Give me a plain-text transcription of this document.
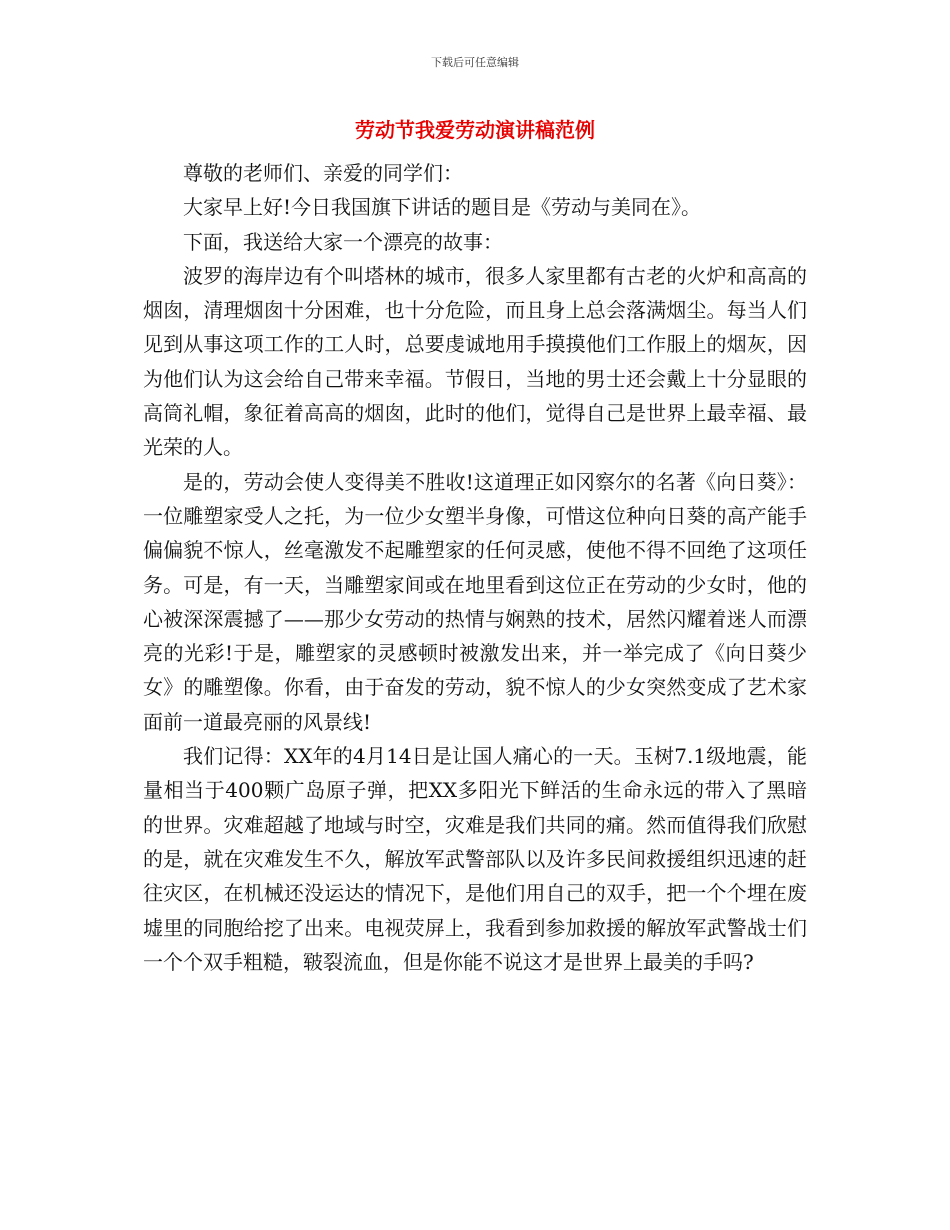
下载后可任意编辑
劳动节我爱劳动演讲稿范例

尊敬的老师们、亲爱的同学们：

大家早上好!今日我国旗下讲话的题目是《劳动与美同在》。

下面，我送给大家一个漂亮的故事：

波罗的海岸边有个叫塔林的城市，很多人家里都有古老的火炉和高高的烟囱，清理烟囱十分困难，也十分危险，而且身上总会落满烟尘。每当人们见到从事这项工作的工人时，总要虔诚地用手摸摸他们工作服上的烟灰，因为他们认为这会给自己带来幸福。节假日，当地的男士还会戴上十分显眼的高筒礼帽，象征着高高的烟囱，此时的他们，觉得自己是世界上最幸福、最光荣的人。

是的，劳动会使人变得美不胜收!这道理正如冈察尔的名著《向日葵》：一位雕塑家受人之托，为一位少女塑半身像，可惜这位种向日葵的高产能手偏偏貌不惊人，丝毫激发不起雕塑家的任何灵感，使他不得不回绝了这项任务。可是，有一天，当雕塑家间或在地里看到这位正在劳动的少女时，他的心被深深震撼了——那少女劳动的热情与娴熟的技术，居然闪耀着迷人而漂亮的光彩!于是，雕塑家的灵感顿时被激发出来，并一举完成了《向日葵少女》的雕塑像。你看，由于奋发的劳动，貌不惊人的少女突然变成了艺术家面前一道最亮丽的风景线!

我们记得：XX年的4月14日是让国人痛心的一天。玉树7.1级地震，能量相当于400颗广岛原子弹，把XX多阳光下鲜活的生命永远的带入了黑暗的世界。灾难超越了地域与时空，灾难是我们共同的痛。然而值得我们欣慰的是，就在灾难发生不久，解放军武警部队以及许多民间救援组织迅速的赶往灾区，在机械还没运达的情况下，是他们用自己的双手，把一个个埋在废墟里的同胞给挖了出来。电视荧屏上，我看到参加救援的解放军武警战士们一个个双手粗糙，皲裂流血，但是你能不说这才是世界上最美的手吗?
